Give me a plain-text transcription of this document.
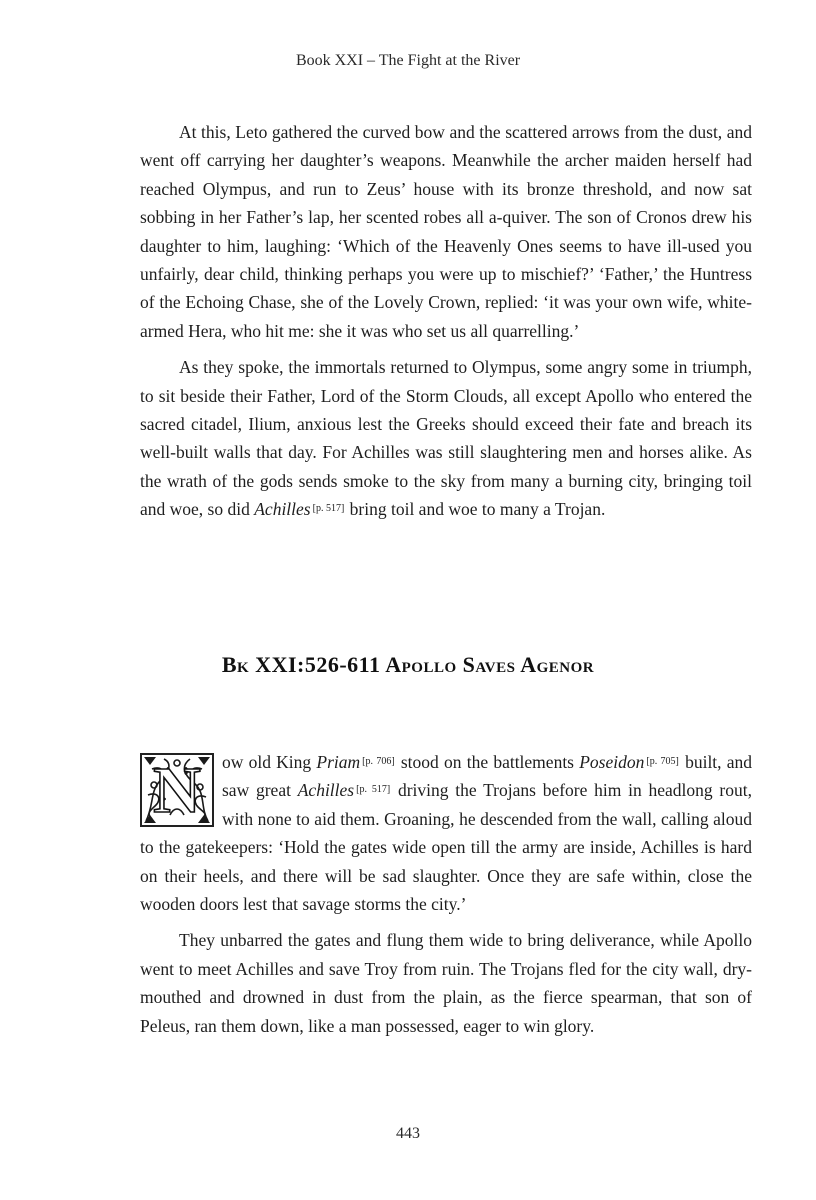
Book XXI – The Fight at the River

At this, Leto gathered the curved bow and the scattered arrows from the dust, and went off carrying her daughter’s weapons. Meanwhile the archer maiden herself had reached Olympus, and run to Zeus’ house with its bronze threshold, and now sat sobbing in her Father’s lap, her scented robes all a-quiver. The son of Cronos drew his daughter to him, laughing: ‘Which of the Heavenly Ones seems to have ill-used you unfairly, dear child, thinking perhaps you were up to mischief?’ ‘Father,’ the Huntress of the Echoing Chase, she of the Lovely Crown, replied: ‘it was your own wife, white-armed Hera, who hit me: she it was who set us all quarrelling.’

As they spoke, the immortals returned to Olympus, some angry some in triumph, to sit beside their Father, Lord of the Storm Clouds, all except Apollo who entered the sacred citadel, Ilium, anxious lest the Greeks should exceed their fate and breach its well-built walls that day. For Achilles was still slaughtering men and horses alike. As the wrath of the gods sends smoke to the sky from many a burning city, bringing toil and woe, so did Achilles [p. 517] bring toil and woe to many a Trojan.

Bk XXI:526-611 Apollo Saves Agenor

N	ow old King Priam [p. 706] stood on the battlements Poseidon [p. 705] built, and saw great Achilles [p. 517] driving the Trojans before him in headlong rout, with none to aid them. Groaning, he descended from the wall, calling aloud to the gatekeepers: ‘Hold the gates wide open till the army are inside, Achilles is hard on their heels, and there will be sad slaughter. Once they are safe within, close the wooden doors lest that savage storms the city.’

They unbarred the gates and flung them wide to bring deliverance, while Apollo went to meet Achilles and save Troy from ruin. The Trojans fled for the city wall, dry-mouthed and drowned in dust from the plain, as the fierce spearman, that son of Peleus, ran them down, like a man possessed, eager to win glory.

443
